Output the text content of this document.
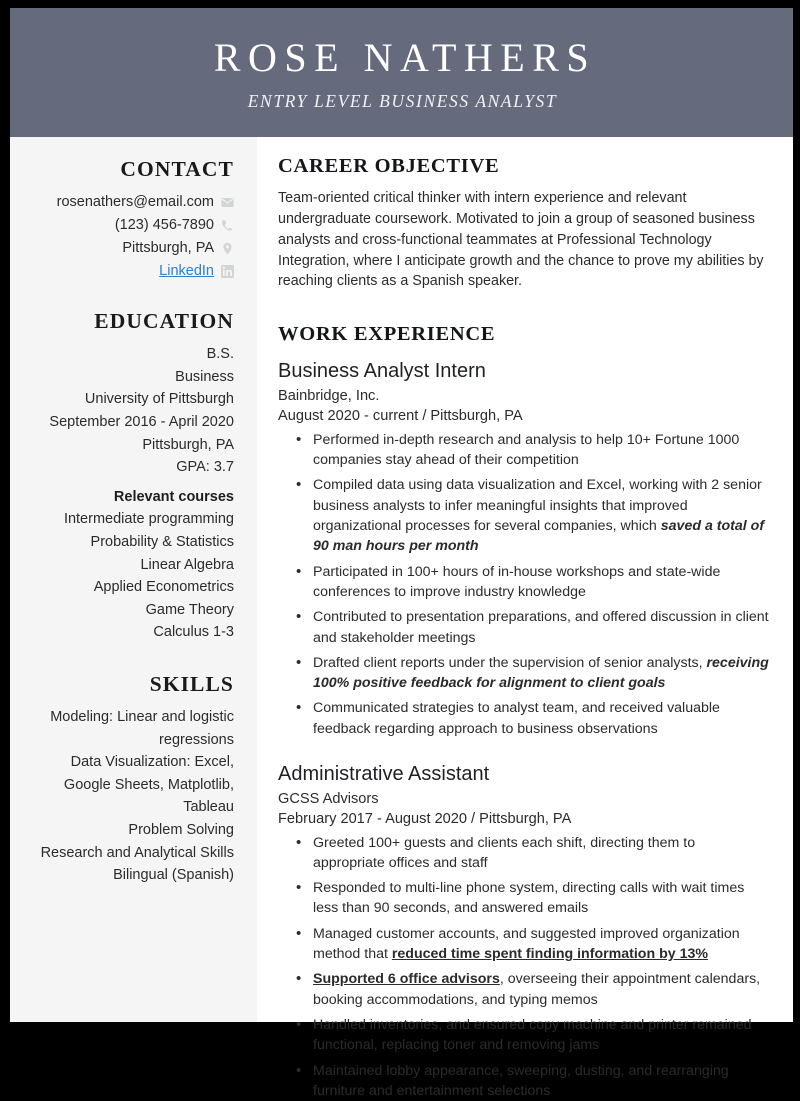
ROSE NATHERS
ENTRY LEVEL BUSINESS ANALYST
CONTACT
rosenathers@email.com
(123) 456-7890
Pittsburgh, PA
LinkedIn
EDUCATION
B.S.
Business
University of Pittsburgh
September 2016 - April 2020
Pittsburgh, PA
GPA: 3.7
Relevant courses
Intermediate programming
Probability & Statistics
Linear Algebra
Applied Econometrics
Game Theory
Calculus 1-3
SKILLS
Modeling: Linear and logistic regressions
Data Visualization: Excel, Google Sheets, Matplotlib, Tableau
Problem Solving
Research and Analytical Skills
Bilingual (Spanish)
CAREER OBJECTIVE

Team-oriented critical thinker with intern experience and relevant undergraduate coursework. Motivated to join a group of seasoned business analysts and cross-functional teammates at Professional Technology Integration, where I anticipate growth and the chance to prove my abilities by reaching clients as a Spanish speaker.

WORK EXPERIENCE
Business Analyst Intern
Bainbridge, Inc.
August 2020 - current / Pittsburgh, PA
• Performed in-depth research and analysis to help 10+ Fortune 1000 companies stay ahead of their competition
• Compiled data using data visualization and Excel, working with 2 senior business analysts to infer meaningful insights that improved organizational processes for several companies, which saved a total of 90 man hours per month
• Participated in 100+ hours of in-house workshops and state-wide conferences to improve industry knowledge
• Contributed to presentation preparations, and offered discussion in client and stakeholder meetings
• Drafted client reports under the supervision of senior analysts, receiving 100% positive feedback for alignment to client goals
• Communicated strategies to analyst team, and received valuable feedback regarding approach to business observations
Administrative Assistant
GCSS Advisors
February 2017 - August 2020 / Pittsburgh, PA
• Greeted 100+ guests and clients each shift, directing them to appropriate offices and staff
• Responded to multi-line phone system, directing calls with wait times less than 90 seconds, and answered emails
• Managed customer accounts, and suggested improved organization method that reduced time spent finding information by 13%
• Supported 6 office advisors, overseeing their appointment calendars, booking accommodations, and typing memos
• Handled inventories, and ensured copy machine and printer remained functional, replacing toner and removing jams
• Maintained lobby appearance, sweeping, dusting, and rearranging furniture and entertainment selections
